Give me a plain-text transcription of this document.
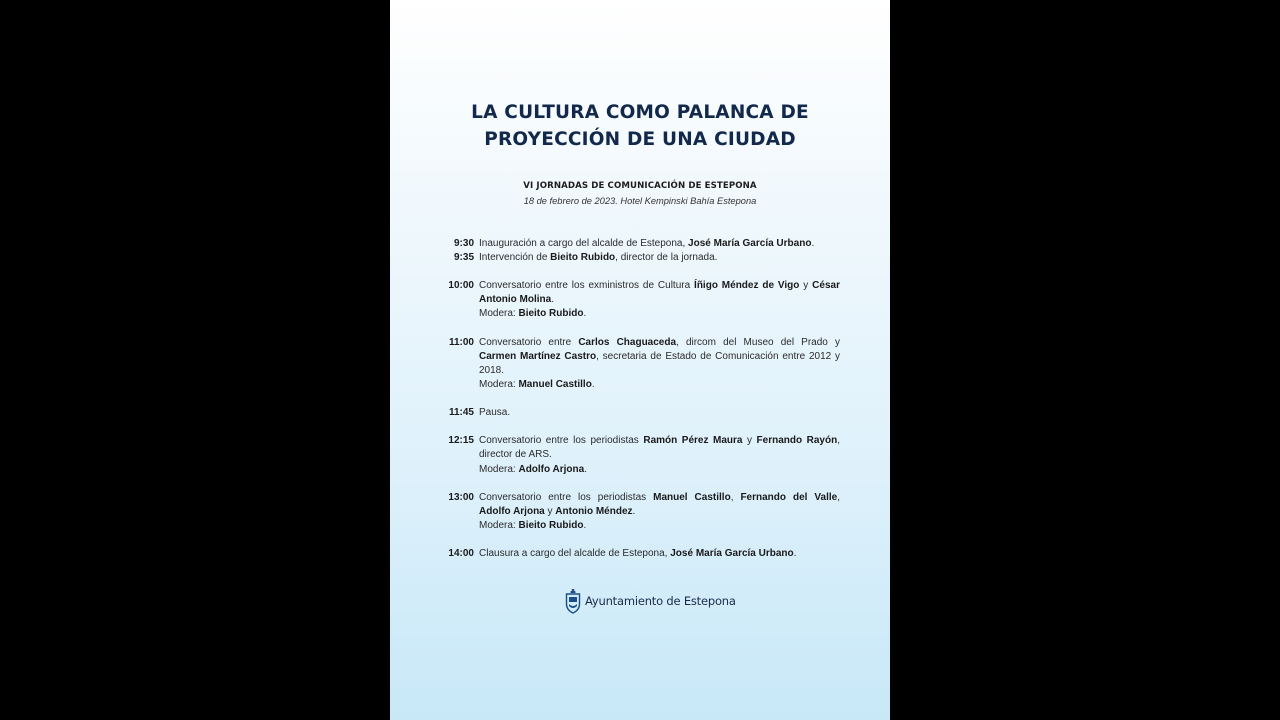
LA CULTURA COMO PALANCA DE
PROYECCIÓN DE UNA CIUDAD
VI JORNADAS DE COMUNICACIÓN DE ESTEPONA
18 de febrero de 2023. Hotel Kempinski Bahía Estepona
9:30 Inauguración a cargo del alcalde de Estepona, José María García Urbano.
9:35 Intervención de Bieito Rubido, director de la jornada.
10:00 Conversatorio entre los exministros de Cultura Íñigo Méndez de Vigo y César Antonio Molina.
Modera: Bieito Rubido.
11:00 Conversatorio entre Carlos Chaguaceda, dircom del Museo del Prado y Carmen Martínez Castro, secretaria de Estado de Comunicación entre 2012 y 2018.
Modera: Manuel Castillo.
11:45 Pausa.
12:15 Conversatorio entre los periodistas Ramón Pérez Maura y Fernando Rayón, director de ARS.
Modera: Adolfo Arjona.
13:00 Conversatorio entre los periodistas Manuel Castillo, Fernando del Valle, Adolfo Arjona y Antonio Méndez.
Modera: Bieito Rubido.
14:00 Clausura a cargo del alcalde de Estepona, José María García Urbano.
Ayuntamiento de Estepona
